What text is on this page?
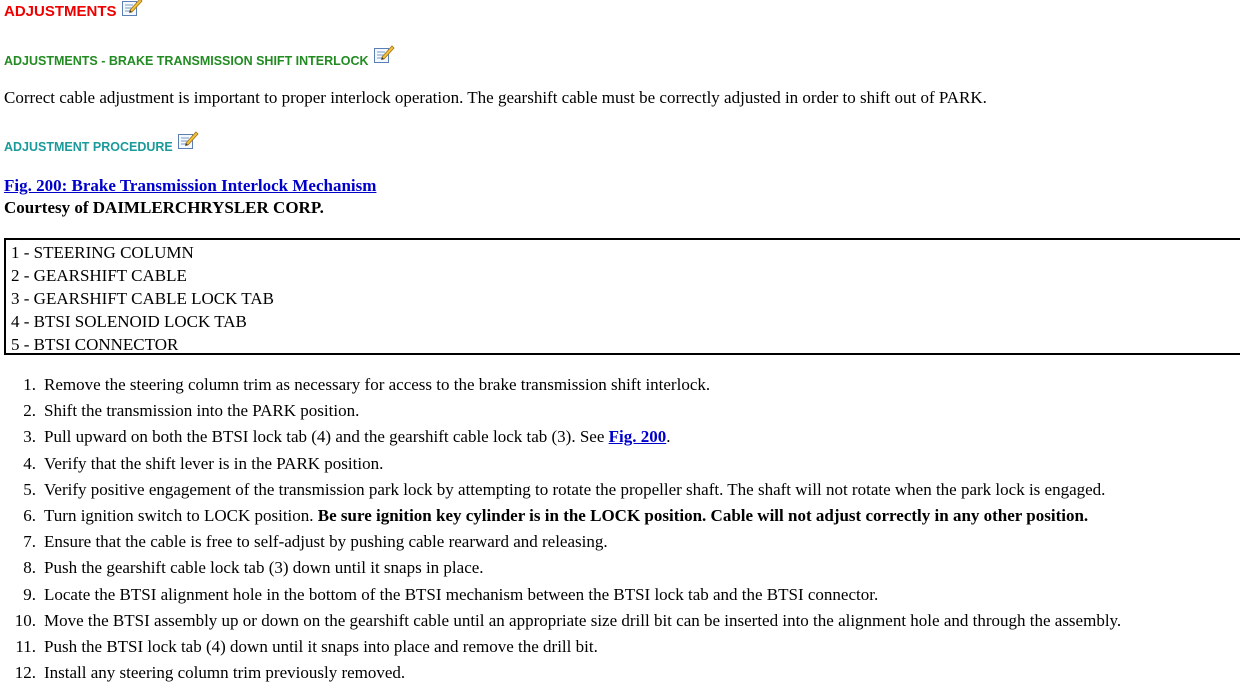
ADJUSTMENTS
ADJUSTMENTS - BRAKE TRANSMISSION SHIFT INTERLOCK
Correct cable adjustment is important to proper interlock operation. The gearshift cable must be correctly adjusted in order to shift out of PARK.
ADJUSTMENT PROCEDURE
Fig. 200: Brake Transmission Interlock Mechanism
Courtesy of DAIMLERCHRYSLER CORP.
1 - STEERING COLUMN
2 - GEARSHIFT CABLE
3 - GEARSHIFT CABLE LOCK TAB
4 - BTSI SOLENOID LOCK TAB
5 - BTSI CONNECTOR
1. Remove the steering column trim as necessary for access to the brake transmission shift interlock.
2. Shift the transmission into the PARK position.
3. Pull upward on both the BTSI lock tab (4) and the gearshift cable lock tab (3). See Fig. 200.
4. Verify that the shift lever is in the PARK position.
5. Verify positive engagement of the transmission park lock by attempting to rotate the propeller shaft. The shaft will not rotate when the park lock is engaged.
6. Turn ignition switch to LOCK position. Be sure ignition key cylinder is in the LOCK position. Cable will not adjust correctly in any other position.
7. Ensure that the cable is free to self-adjust by pushing cable rearward and releasing.
8. Push the gearshift cable lock tab (3) down until it snaps in place.
9. Locate the BTSI alignment hole in the bottom of the BTSI mechanism between the BTSI lock tab and the BTSI connector.
10. Move the BTSI assembly up or down on the gearshift cable until an appropriate size drill bit can be inserted into the alignment hole and through the assembly.
11. Push the BTSI lock tab (4) down until it snaps into place and remove the drill bit.
12. Install any steering column trim previously removed.
